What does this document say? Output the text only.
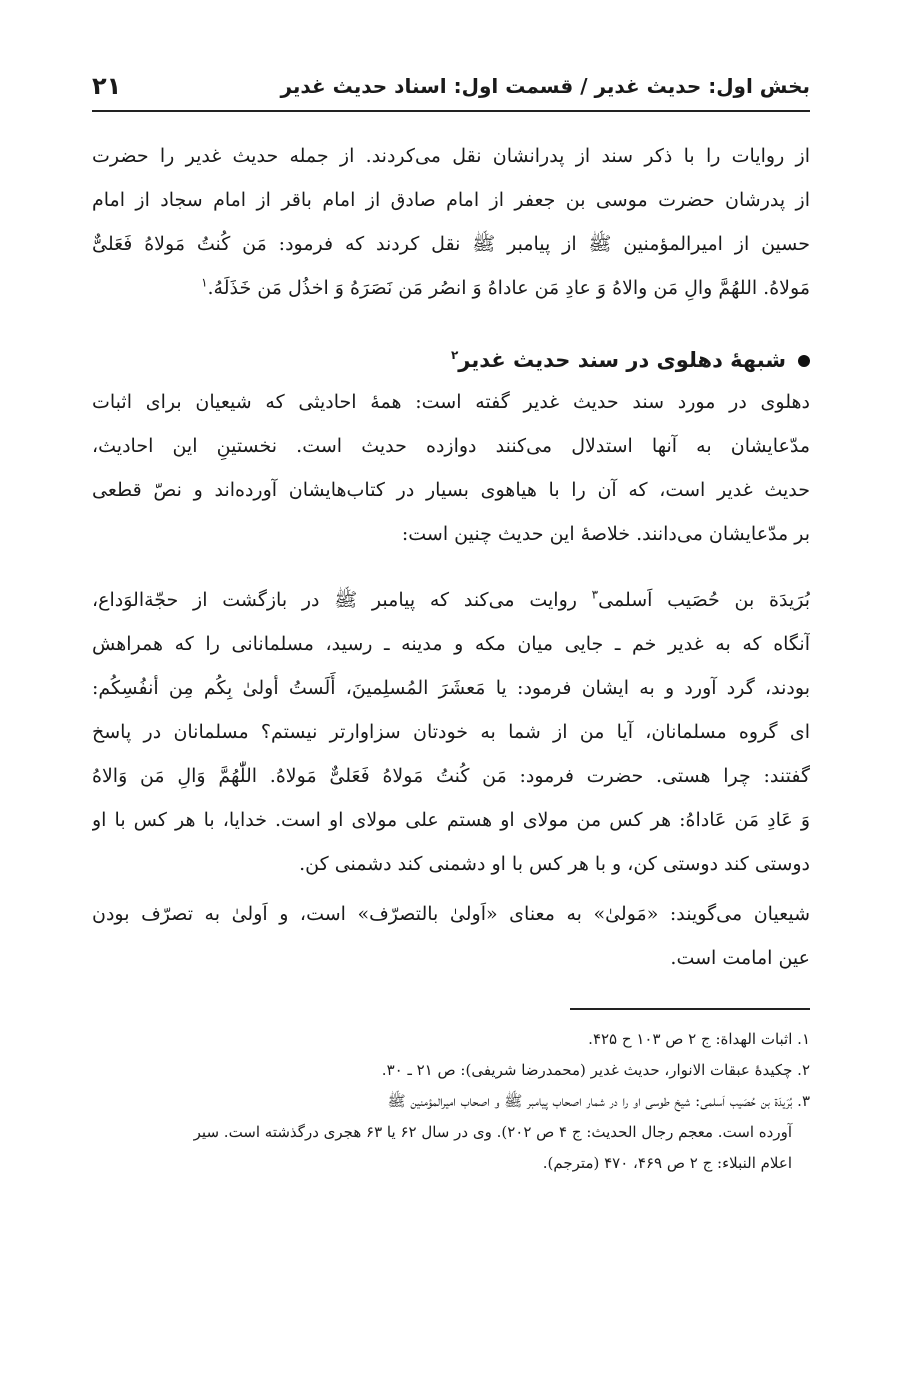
بخش اول: حدیث غدیر / قسمت اول: اسناد حدیث غدیر
۲۱
از روایات را با ذکر سند از پدرانشان نقل می‌کردند. از جمله حدیث غدیر را حضرت
از پدرشان حضرت موسی بن جعفر از امام صادق از امام باقر از امام سجاد از امام
حسین از امیرالمؤمنین ﷺ از پیامبر ﷺ نقل کردند که فرمود: مَن کُنتُ مَولاهُ فَعَلیٌّ
مَولاهُ. اللهُمَّ والِ مَن والاهُ وَ عادِ مَن عاداهُ وَ انصُر مَن نَصَرَهُ وَ اخذُل مَن خَذَلَهُ.$^۱$
شبههٔ دهلوی در سند حدیث غدیر$^۲$
دهلوی در مورد سند حدیث غدیر گفته است: همهٔ احادیثی که شیعیان برای اثبات
مدّعایشان به آنها استدلال می‌کنند دوازده حدیث است. نخستینِ این احادیث،
حدیث غدیر است، که آن را با هیاهوی بسیار در کتاب‌هایشان آورده‌اند و نصّ قطعی
بر مدّعایشان می‌دانند. خلاصهٔ این حدیث چنین است:
بُرَیدَة بن حُصَیب اَسلمی$^۳$ روایت می‌کند که پیامبر ﷺ در بازگشت از حجّةالوَداع،
آنگاه که به غدیر خم ـ جایی میان مکه و مدینه ـ رسید، مسلمانانی را که همراهش
بودند، گرد آورد و به ایشان فرمود: یا مَعشَرَ المُسلِمینَ، أَلَستُ أولیٰ بِکُم مِن أنفُسِکُم:
ای گروه مسلمانان، آیا من از شما به خودتان سزاوارتر نیستم؟ مسلمانان در پاسخ
گفتند: چرا هستی. حضرت فرمود: مَن کُنتُ مَولاهُ فَعَلیٌّ مَولاهُ. اللّٰهُمَّ وَالِ مَن وَالاهُ
وَ عَادِ مَن عَاداهُ: هر کس من مولای او هستم علی مولای او است. خدایا، با هر کس با او
دوستی کند دوستی کن، و با هر کس با او دشمنی کند دشمنی کن.
شیعیان می‌گویند: «مَولیٰ» به معنای «اَولیٰ بالتصرّف» است، و اَولیٰ به تصرّف بودن
عین امامت است.
۱. اثبات الهداة: ج ۲ ص ۱۰۳ ح ۴۲۵.
۲. چکیدهٔ عبقات الانوار، حدیث غدیر (محمدرضا شریفی): ص ۲۱ ـ ۳۰.
۳. بُرَیدَة بن حُصَیب اَسلمی: شیخ طوسی او را در شمار اصحاب پیامبر ﷺ و اصحاب امیرالمؤمنین ﷺ
آورده است. معجم رجال الحدیث: ج ۴ ص ۲۰۲). وی در سال ۶۲ یا ۶۳ هجری درگذشته است. سیر
اعلام النبلاء: ج ۲ ص ۴۶۹، ۴۷۰ (مترجم).
